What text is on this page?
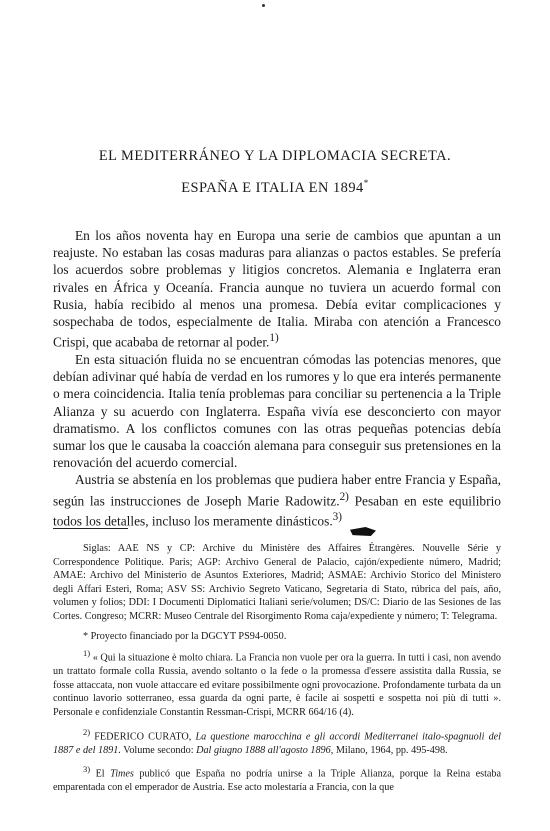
EL MEDITERRÁNEO Y LA DIPLOMACIA SECRETA.
ESPAÑA E ITALIA EN 1894*

En los años noventa hay en Europa una serie de cambios que apuntan a un reajuste. No estaban las cosas maduras para alianzas o pactos estables. Se prefería los acuerdos sobre problemas y litigios concretos. Alemania e Inglaterra eran rivales en África y Oceanía. Francia aunque no tuviera un acuerdo formal con Rusia, había recibido al menos una promesa. Debía evitar complicaciones y sospechaba de todos, especialmente de Italia. Miraba con atención a Francesco Crispi, que acababa de retornar al poder.$^{1)}$

En esta situación fluida no se encuentran cómodas las potencias menores, que debían adivinar qué había de verdad en los rumores y lo que era interés permanente o mera coincidencia. Italia tenía problemas para conciliar su pertenencia a la Triple Alianza y su acuerdo con Inglaterra. España vivía ese desconcierto con mayor dramatismo. A los conflictos comunes con las otras pequeñas potencias debía sumar los que le causaba la coacción alemana para conseguir sus pretensiones en la renovación del acuerdo comercial.

Austria se abstenía en los problemas que pudiera haber entre Francia y España, según las instrucciones de Joseph Marie Radowitz.$^{2)}$ Pesaban en este equilibrio todos los detalles, incluso los meramente dinásticos.$^{3)}$

Siglas: AAE NS y CP: Archive du Ministère des Affaires Étrangères. Nouvelle Série y Correspondence Politique. Paris; AGP: Archivo General de Palacio, cajón/expediente número, Madrid; AMAE: Archivo del Ministerio de Asuntos Exteriores, Madrid; ASMAE: Archivio Storico del Ministero degli Affari Esteri, Roma; ASV SS: Archivio Segreto Vaticano, Segretaria di Stato, rúbrica del país, año, volumen y folios; DDI: I Documenti Diplomatici Italiani serie/volumen; DS/C: Diario de las Sesiones de las Cortes. Congreso; MCRR: Museo Centrale del Risorgimento Roma caja/expediente y número; T: Telegrama.

* Proyecto financiado por la DGCYT PS94-0050.

$^{1)}$ « Qui la situazione è molto chiara. La Francia non vuole per ora la guerra. In tutti i casi, non avendo un trattato formale colla Russia, avendo soltanto o la fede o la promessa d'essere assistita dalla Russia, se fosse attaccata, non vuole attaccare ed evitare possibilmente ogni provocazione. Profondamente turbata da un continuo lavorio sotterraneo, essa guarda da ogni parte, è facile ai sospetti e sospetta noi più di tutti ». Personale e confidenziale Constantin Ressman-Crispi, MCRR 664/16 (4).

$^{2)}$ FEDERICO CURATO, La questione marocchina e gli accordi Mediterranei italo-spagnuoli del 1887 e del 1891. Volume secondo: Dal giugno 1888 all'agosto 1896, Milano, 1964, pp. 495-498.

$^{3)}$ El Times publicó que España no podría unirse a la Triple Alianza, porque la Reina estaba emparentada con el emperador de Austria. Ese acto molestaría a Francia, con la que
